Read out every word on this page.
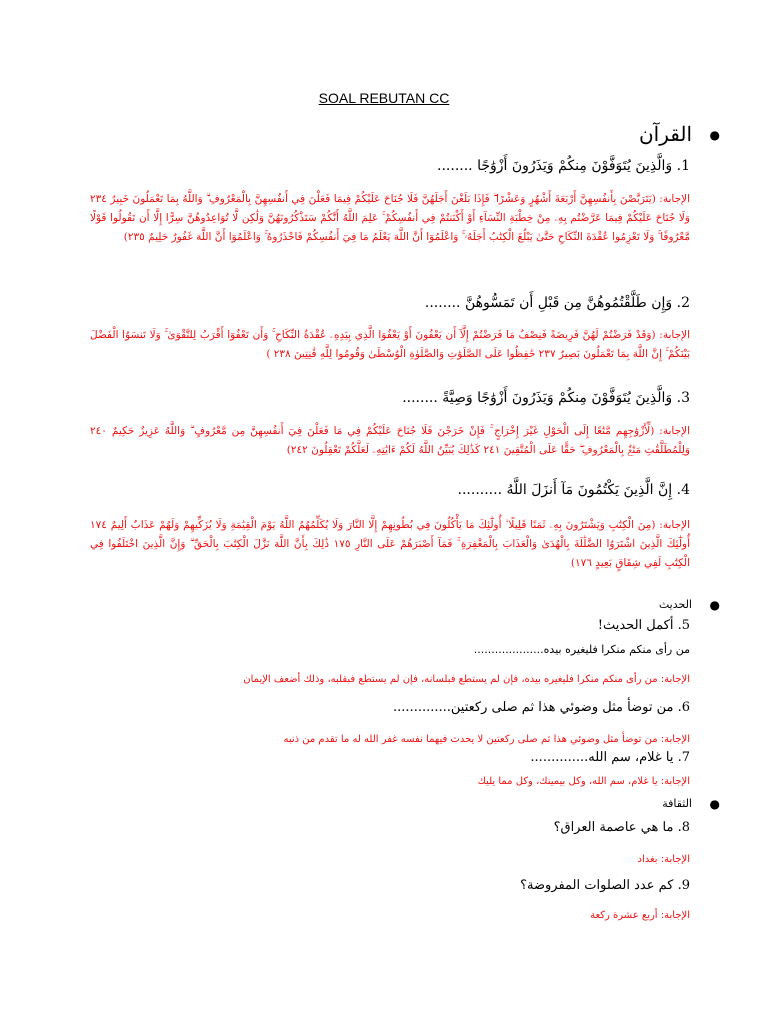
SOAL REBUTAN CC
●
القرآن
1. وَالَّذِينَ يُتَوَفَّوْنَ مِنكُمْ وَيَذَرُونَ أَزْوَٰجًا ........
الإجابة: (يَتَرَبَّصْنَ بِأَنفُسِهِنَّ أَرْبَعَةَ أَشْهُرٍ وَعَشْرًا ۖ فَإِذَا بَلَغْنَ أَجَلَهُنَّ فَلَا جُنَاحَ عَلَيْكُمْ فِيمَا فَعَلْنَ فِي أَنفُسِهِنَّ بِالْمَعْرُوفِ ۗ وَاللَّهُ بِمَا تَعْمَلُونَ خَبِيرٌ ٢٣٤ وَلَا جُنَاحَ عَلَيْكُمْ فِيمَا عَرَّضْتُم بِهِۦ مِنْ خِطْبَةِ النِّسَآءِ أَوْ أَكْنَنتُمْ فِي أَنفُسِكُمْ ۚ عَلِمَ اللَّهُ أَنَّكُمْ سَتَذْكُرُونَهُنَّ وَلَٰكِن لَّا تُوَاعِدُوهُنَّ سِرًّا إِلَّا أَن تَقُولُوا قَوْلًا مَّعْرُوفًا ۚ وَلَا تَعْزِمُوا عُقْدَةَ النِّكَاحِ حَتَّىٰ يَبْلُغَ الْكِتَٰبُ أَجَلَهُۥ ۚ وَاعْلَمُوٓا أَنَّ اللَّهَ يَعْلَمُ مَا فِيٓ أَنفُسِكُمْ فَاحْذَرُوهُ ۚ وَاعْلَمُوٓا أَنَّ اللَّهَ غَفُورٌ حَلِيمٌ ٢٣٥)
2. وَإِن طَلَّقْتُمُوهُنَّ مِن قَبْلِ أَن تَمَسُّوهُنَّ ........
الإجابة: (وَقَدْ فَرَضْتُمْ لَهُنَّ فَرِيضَةً فَنِصْفُ مَا فَرَضْتُمْ إِلَّآ أَن يَعْفُونَ أَوْ يَعْفُوَا الَّذِي بِيَدِهِۦ عُقْدَةُ النِّكَاحِ ۚ وَأَن تَعْفُوٓا أَقْرَبُ لِلتَّقْوَىٰ ۚ وَلَا تَنسَوُا الْفَضْلَ بَيْنَكُمْ ۚ إِنَّ اللَّهَ بِمَا تَعْمَلُونَ بَصِيرٌ ٢٣٧ حَٰفِظُوا عَلَى الصَّلَوَٰتِ وَالصَّلَوٰةِ الْوُسْطَىٰ وَقُومُوا لِلَّهِ قَٰنِتِينَ ٢٣٨ )
3. وَالَّذِينَ يُتَوَفَّوْنَ مِنكُمْ وَيَذَرُونَ أَزْوَٰجًا وَصِيَّةً ........
الإجابة: (لِّأَزْوَٰجِهِم مَّتَٰعًا إِلَى الْحَوْلِ غَيْرَ إِخْرَاجٍ ۚ فَإِنْ خَرَجْنَ فَلَا جُنَاحَ عَلَيْكُمْ فِي مَا فَعَلْنَ فِيٓ أَنفُسِهِنَّ مِن مَّعْرُوفٍ ۗ وَاللَّهُ عَزِيزٌ حَكِيمٌ ٢٤٠ وَلِلْمُطَلَّقَٰتِ مَتَٰعٌۢ بِالْمَعْرُوفِ ۖ حَقًّا عَلَى الْمُتَّقِينَ ٢٤١ كَذَٰلِكَ يُبَيِّنُ اللَّهُ لَكُمْ ءَايَٰتِهِۦ لَعَلَّكُمْ تَعْقِلُونَ ٢٤٢)
4. إِنَّ الَّذِينَ يَكْتُمُونَ مَآ أَنزَلَ اللَّهُ ..........
الإجابة: (مِنَ الْكِتَٰبِ وَيَشْتَرُونَ بِهِۦ ثَمَنًا قَلِيلًا ۙ أُولَٰٓئِكَ مَا يَأْكُلُونَ فِي بُطُونِهِمْ إِلَّا النَّارَ وَلَا يُكَلِّمُهُمُ اللَّهُ يَوْمَ الْقِيَٰمَةِ وَلَا يُزَكِّيهِمْ وَلَهُمْ عَذَابٌ أَلِيمٌ ١٧٤ أُولَٰٓئِكَ الَّذِينَ اشْتَرَوُا الضَّلَٰلَةَ بِالْهُدَىٰ وَالْعَذَابَ بِالْمَغْفِرَةِ ۚ فَمَآ أَصْبَرَهُمْ عَلَى النَّارِ ١٧٥ ذَٰلِكَ بِأَنَّ اللَّهَ نَزَّلَ الْكِتَٰبَ بِالْحَقِّ ۗ وَإِنَّ الَّذِينَ اخْتَلَفُوا فِي الْكِتَٰبِ لَفِي شِقَاقٍ بَعِيدٍ ١٧٦)
●
الحديث
5. أكمل الحديث!
من رأى منكم منكرا فليغيره بيده....................
الإجابة: من رأى منكم منكرا فليغيره بيده، فإن لم يستطع فبلسانه، فإن لم يستطع فبقلبه، وذلك أضعف الإيمان
6. من توضأ مثل وضوئي هذا ثم صلى ركعتين..............
الإجابة: من توضأ مثل وضوئي هذا ثم صلى ركعتين لا يحدث فيهما نفسه غفر الله له ما تقدم من ذنبه
7. يا غلام، سم الله..............
الإجابة: يا غلام، سم الله، وكل بيمينك، وكل مما يليك
●
الثقافة
8. ما هي عاصمة العراق؟
الإجابة: بغداد
9. كم عدد الصلوات المفروضة؟
الإجابة: أربع عشرة ركعة
